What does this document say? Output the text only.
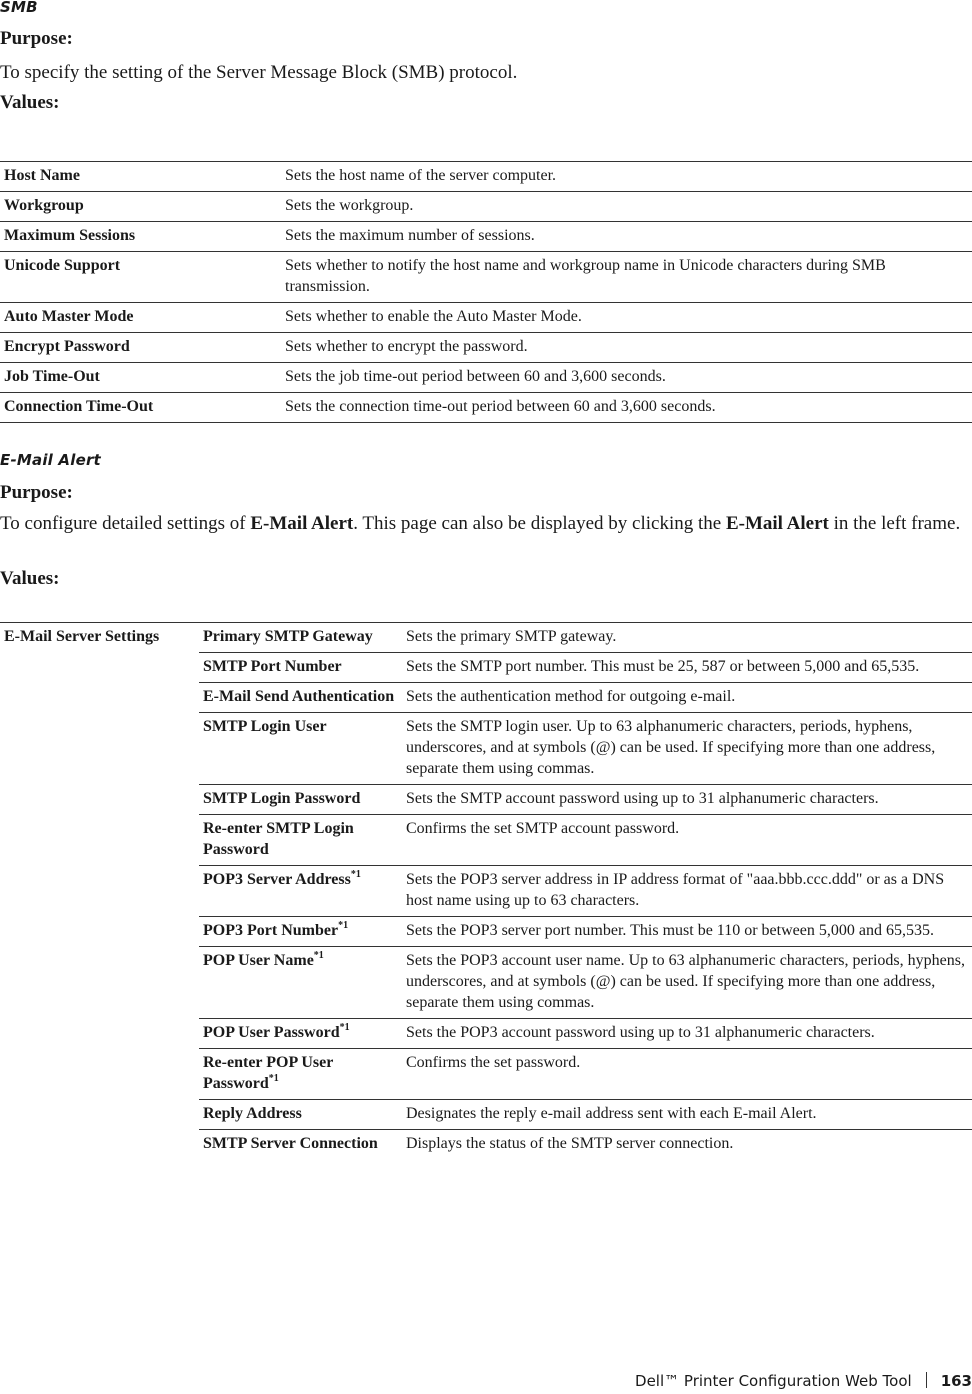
SMB
Purpose:
To specify the setting of the Server Message Block (SMB) protocol.
Values:
Host Name	Sets the host name of the server computer.
Workgroup	Sets the workgroup.
Maximum Sessions	Sets the maximum number of sessions.
Unicode Support	Sets whether to notify the host name and workgroup name in Unicode characters during SMB transmission.
Auto Master Mode	Sets whether to enable the Auto Master Mode.
Encrypt Password	Sets whether to encrypt the password.
Job Time-Out	Sets the job time-out period between 60 and 3,600 seconds.
Connection Time-Out	Sets the connection time-out period between 60 and 3,600 seconds.
E-Mail Alert
Purpose:
To configure detailed settings of E-Mail Alert. This page can also be displayed by clicking the E-Mail Alert in the left frame.
Values:
E-Mail Server Settings	Primary SMTP Gateway	Sets the primary SMTP gateway.
	SMTP Port Number	Sets the SMTP port number. This must be 25, 587 or between 5,000 and 65,535.
	E-Mail Send Authentication	Sets the authentication method for outgoing e-mail.
	SMTP Login User	Sets the SMTP login user. Up to 63 alphanumeric characters, periods, hyphens, underscores, and at symbols (@) can be used. If specifying more than one address, separate them using commas.
	SMTP Login Password	Sets the SMTP account password using up to 31 alphanumeric characters.
	Re-enter SMTP Login Password	Confirms the set SMTP account password.
	POP3 Server Address$^{*1}$	Sets the POP3 server address in IP address format of "aaa.bbb.ccc.ddd" or as a DNS host name using up to 63 characters.
	POP3 Port Number$^{*1}$	Sets the POP3 server port number. This must be 110 or between 5,000 and 65,535.
	POP User Name$^{*1}$	Sets the POP3 account user name. Up to 63 alphanumeric characters, periods, hyphens, underscores, and at symbols (@) can be used. If specifying more than one address, separate them using commas.
	POP User Password$^{*1}$	Sets the POP3 account password using up to 31 alphanumeric characters.
	Re-enter POP User Password$^{*1}$	Confirms the set password.
	Reply Address	Designates the reply e-mail address sent with each E-mail Alert.
	SMTP Server Connection	Displays the status of the SMTP server connection.
Dell™ Printer Configuration Web Tool 163
